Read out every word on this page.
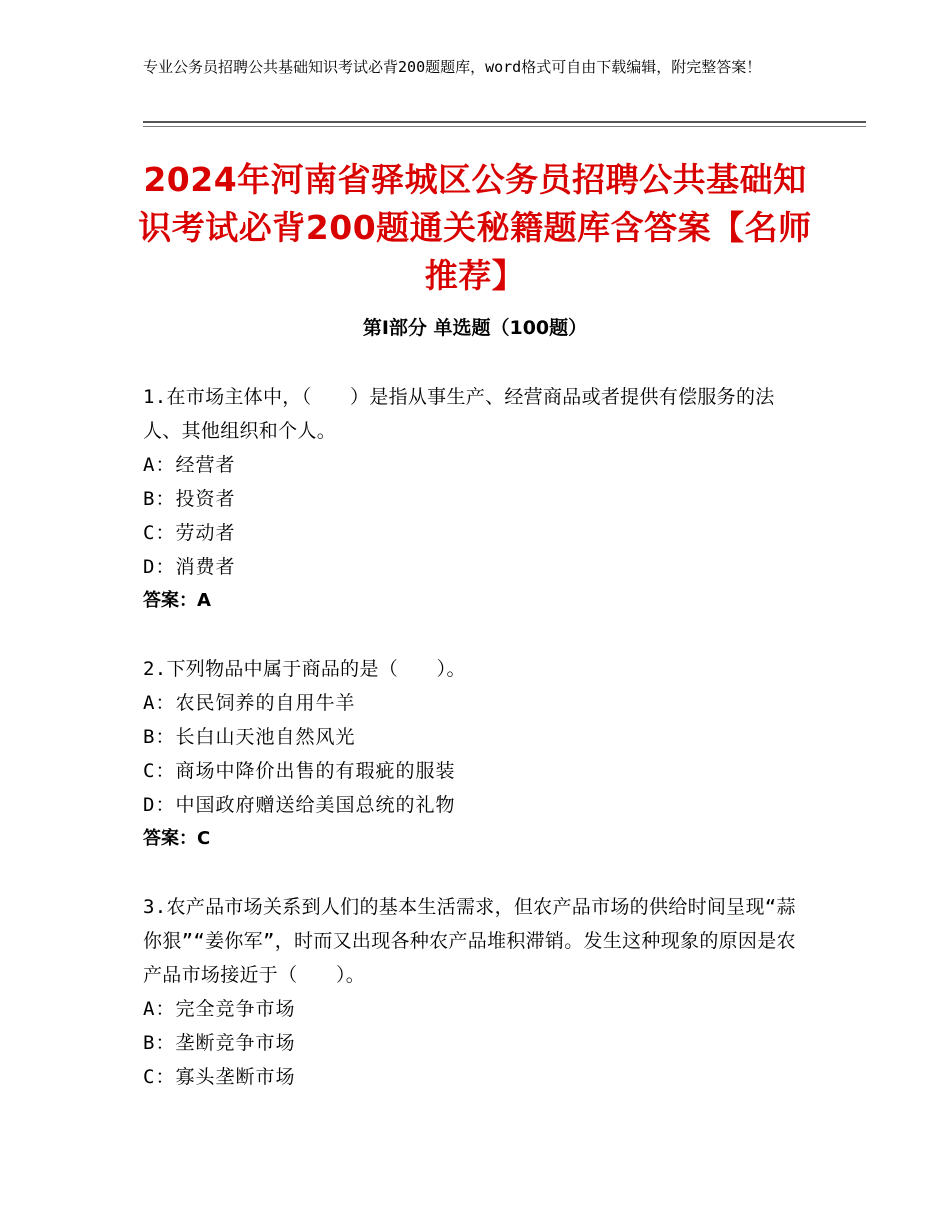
专业公务员招聘公共基础知识考试必背200题题库，word格式可自由下载编辑，附完整答案！

2024年河南省驿城区公务员招聘公共基础知识考试必背200题通关秘籍题库含答案【名师推荐】
第Ⅰ部分 单选题（100题）

1.在市场主体中，（　　）是指从事生产、经营商品或者提供有偿服务的法人、其他组织和个人。

A：经营者

B：投资者

C：劳动者

D：消费者

答案：A

2.下列物品中属于商品的是（　　）。

A：农民饲养的自用牛羊

B：长白山天池自然风光

C：商场中降价出售的有瑕疵的服装

D：中国政府赠送给美国总统的礼物

答案：C

3.农产品市场关系到人们的基本生活需求，但农产品市场的供给时间呈现“蒜你狠”“姜你军”，时而又出现各种农产品堆积滞销。发生这种现象的原因是农产品市场接近于（　　）。

A：完全竞争市场

B：垄断竞争市场

C：寡头垄断市场
